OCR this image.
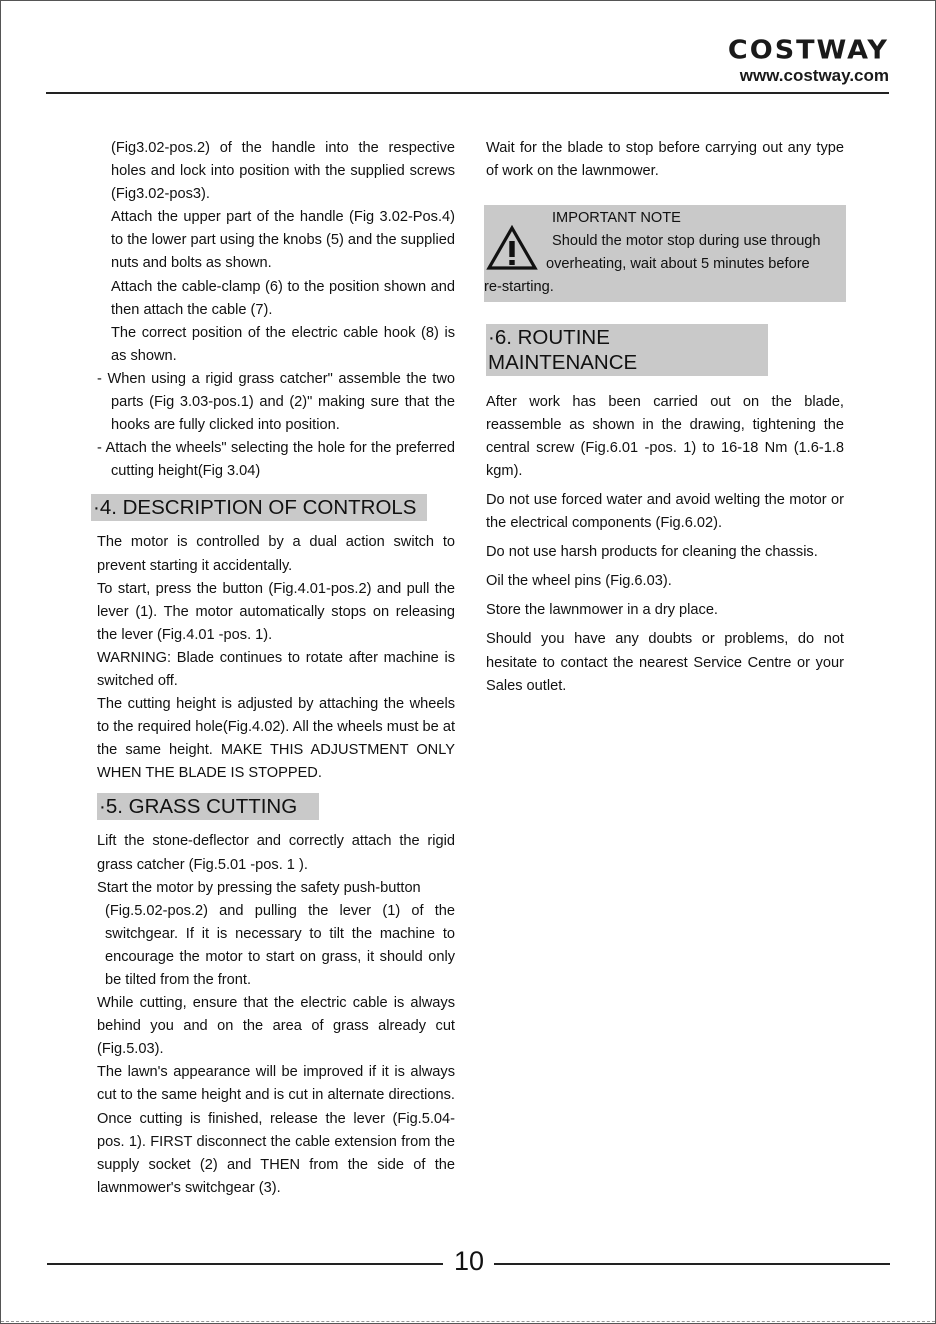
COSTWAY
www.costway.com

(Fig3.02-pos.2) of the handle into the respective holes and lock into position with the supplied screws (Fig3.02-pos3).

Attach the upper part of the handle (Fig 3.02-Pos.4) to the lower part using the knobs (5) and the supplied nuts and bolts as shown.

Attach the cable-clamp (6) to the position shown and then attach the cable (7).

The correct position of the electric cable hook (8) is as shown.

- When using a rigid grass catcher" assemble the two parts (Fig 3.03-pos.1) and (2)" making sure that the hooks are fully clicked into position.

- Attach the wheels" selecting the hole for the preferred cutting height(Fig 3.04)

·4. DESCRIPTION OF CONTROLS

The motor is controlled by a dual action switch to prevent starting it accidentally.

To start, press the button (Fig.4.01-pos.2) and pull the lever (1). The motor automatically stops on releasing the lever (Fig.4.01 -pos. 1).

WARNING: Blade continues to rotate after machine is switched off.

The cutting height is adjusted by attaching the wheels to the required hole(Fig.4.02). All the wheels must be at the same height. MAKE THIS ADJUSTMENT ONLY WHEN THE BLADE IS STOPPED.

·5. GRASS CUTTING

Lift the stone-deflector and correctly attach the rigid grass catcher (Fig.5.01 -pos. 1 ).

Start the motor by pressing the safety push-button

(Fig.5.02-pos.2) and pulling the lever (1) of the switchgear. If it is necessary to tilt the machine to encourage the motor to start on grass, it should only be tilted from the front.

While cutting, ensure that the electric cable is always behind you and on the area of grass already cut (Fig.5.03).

The lawn's appearance will be improved if it is always cut to the same height and is cut in alternate directions. Once cutting is finished, release the lever (Fig.5.04- pos. 1). FIRST disconnect the cable extension from the supply socket (2) and THEN from the side of the lawnmower's switchgear (3).

Wait for the blade to stop before carrying out any type of work on the lawnmower.

IMPORTANT NOTE
Should the motor stop during use through
overheating, wait about 5 minutes before
re-starting.
·6. ROUTINE MAINTENANCE

After work has been carried out on the blade, reassemble as shown in the drawing, tightening the central screw (Fig.6.01 -pos. 1) to 16-18 Nm (1.6-1.8 kgm).

Do not use forced water and avoid welting the motor or the electrical components (Fig.6.02).

Do not use harsh products for cleaning the chassis.

Oil the wheel pins (Fig.6.03).

Store the lawnmower in a dry place.

Should you have any doubts or problems, do not hesitate to contact the nearest Service Centre or your Sales outlet.

10
